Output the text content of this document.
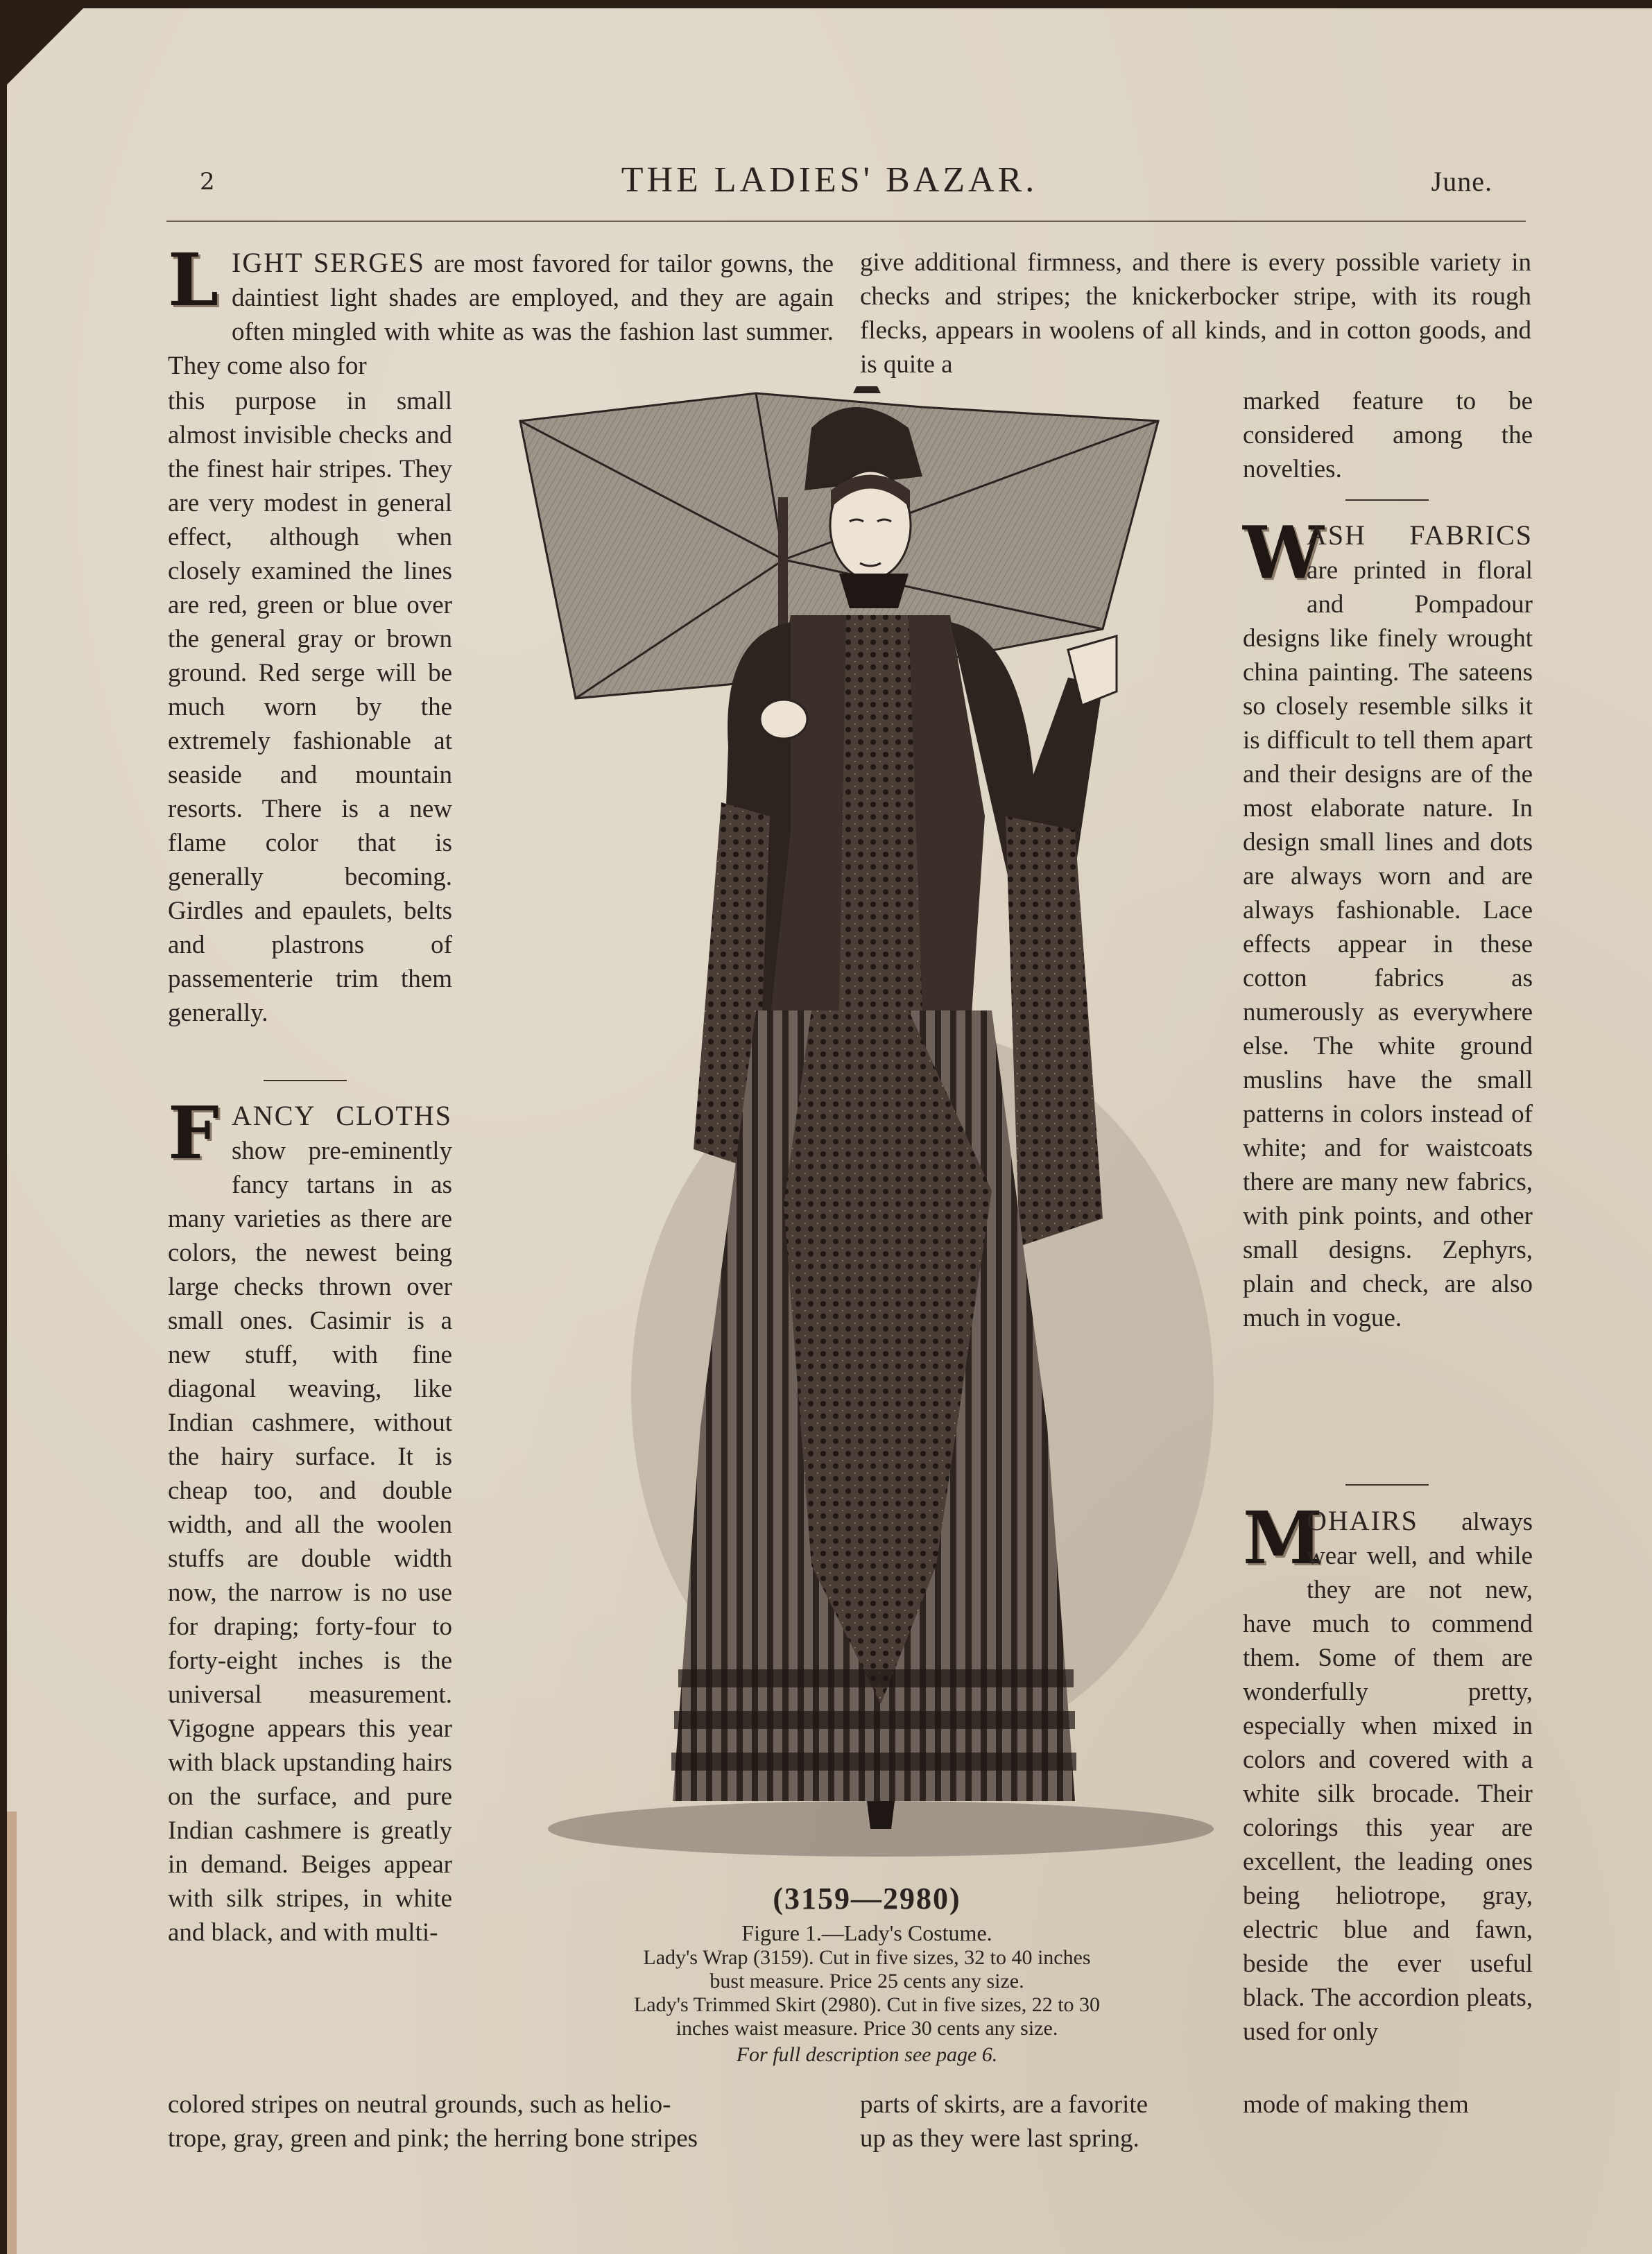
2	THE LADIES' BAZAR.	June.
L IGHT SERGES are most favored for tailor gowns, the daintiest light shades are employed, and they are again often mingled with white as was the fashion last summer. They come also for
this purpose in small almost invisible checks and the finest hair stripes. They are very modest in general effect, although when closely examined the lines are red, green or blue over the general gray or brown ground. Red serge will be much worn by the extremely fashionable at seaside and mountain resorts. There is a new flame color that is generally becoming. Girdles and epaulets, belts and plastrons of passementerie trim them generally.
F ANCY CLOTHS show pre-eminently fancy tartans in as many varieties as there are colors, the newest being large checks thrown over small ones. Casimir is a new stuff, with fine diagonal weaving, like Indian cashmere, without the hairy surface. It is cheap too, and double width, and all the woolen stuffs are double width now, the narrow is no use for draping; forty-four to forty-eight inches is the universal measurement. Vigogne appears this year with black upstanding hairs on the surface, and pure Indian cashmere is greatly in demand. Beiges appear with silk stripes, in white and black, and with multi-
give additional firmness, and there is every possible variety in checks and stripes; the knickerbocker stripe, with its rough flecks, appears in woolens of all kinds, and in cotton goods, and is quite a
marked feature to be considered among the novelties.
W
ASH FABRICS are printed in floral and Pompadour designs like finely wrought china painting. The sateens so closely resemble silks it is difficult to tell them apart and their designs are of the most elaborate nature. In design small lines and dots are always worn and are always fashionable. Lace effects appear in these cotton fabrics as numerously as everywhere else. The white ground muslins have the small patterns in colors instead of white; and for waistcoats there are many new fabrics, with pink points, and other small designs. Zephyrs, plain and check, are also much in vogue.
M
OHAIRS always wear well, and while they are not new, have much to commend them. Some of them are wonderfully pretty, especially when mixed in colors and covered with a white silk brocade. Their colorings this year are excellent, the leading ones being heliotrope, gray, electric blue and fawn, beside the ever useful black. The accordion pleats, used for only
colored stripes on neutral grounds, such as helio-
trope, gray, green and pink; the herring bone stripes
parts of skirts, are a favorite
up as they were last spring.
mode of making them
(3159—2980)
Figure 1.—Lady's Costume.
Lady's Wrap (3159). Cut in five sizes, 32 to 40 inches
bust measure. Price 25 cents any size.
Lady's Trimmed Skirt (2980). Cut in five sizes, 22 to 30
inches waist measure. Price 30 cents any size.
For full description see page 6.
